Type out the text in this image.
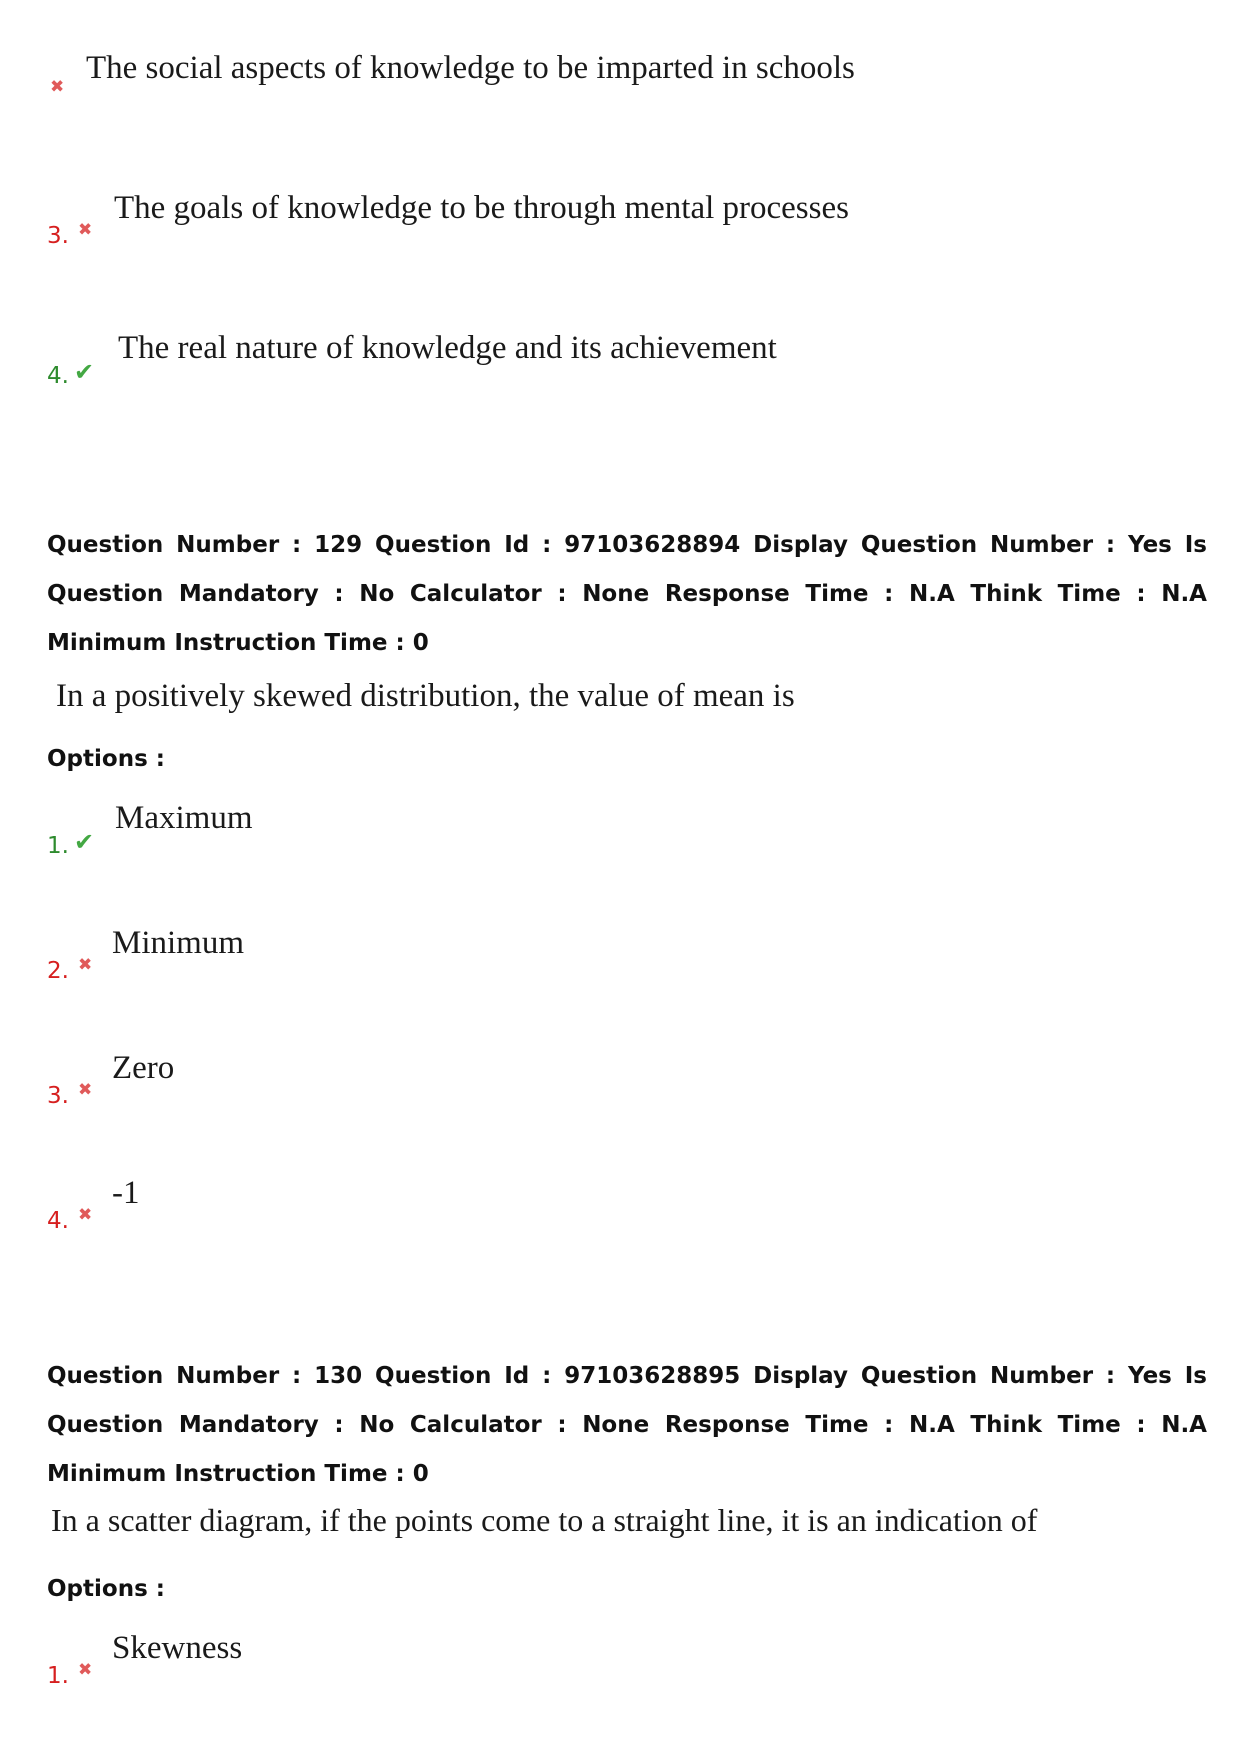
✖
The social aspects of knowledge to be imparted in schools
3. ✖
The goals of knowledge to be through mental processes
4. ✔
The real nature of knowledge and its achievement
Question Number : 129 Question Id : 97103628894 Display Question Number : Yes Is Question Mandatory : No Calculator : None Response Time : N.A Think Time : N.A Minimum Instruction Time : 0
In a positively skewed distribution, the value of mean is
Options :
1. ✔
Maximum
2. ✖
Minimum
3. ✖
Zero
4. ✖
-1
Question Number : 130 Question Id : 97103628895 Display Question Number : Yes Is Question Mandatory : No Calculator : None Response Time : N.A Think Time : N.A Minimum Instruction Time : 0
In a scatter diagram, if the points come to a straight line, it is an indication of
Options :
1. ✖
Skewness
